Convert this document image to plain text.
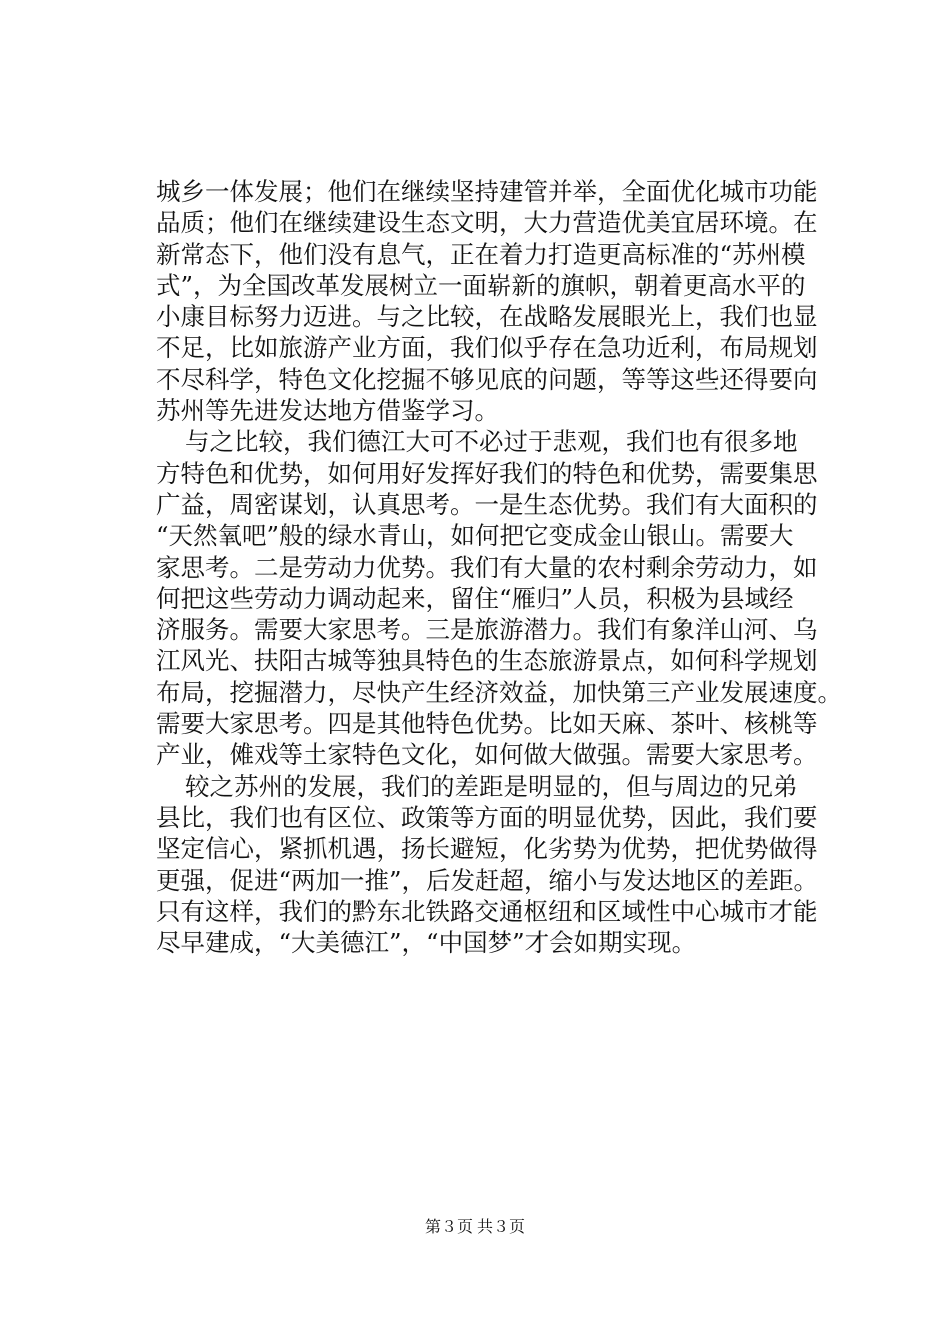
城乡一体发展；他们在继续坚持建管并举，全面优化城市功能
品质；他们在继续建设生态文明，大力营造优美宜居环境。在
新常态下，他们没有息气，正在着力打造更高标准的“苏州模
式”，为全国改革发展树立一面崭新的旗帜，朝着更高水平的
小康目标努力迈进。与之比较，在战略发展眼光上，我们也显
不足，比如旅游产业方面，我们似乎存在急功近利，布局规划
不尽科学，特色文化挖掘不够见底的问题，等等这些还得要向
苏州等先进发达地方借鉴学习。
与之比较，我们德江大可不必过于悲观，我们也有很多地
方特色和优势，如何用好发挥好我们的特色和优势，需要集思
广益，周密谋划，认真思考。一是生态优势。我们有大面积的
“天然氧吧”般的绿水青山，如何把它变成金山银山。需要大
家思考。二是劳动力优势。我们有大量的农村剩余劳动力，如
何把这些劳动力调动起来，留住“雁归”人员，积极为县域经
济服务。需要大家思考。三是旅游潜力。我们有象洋山河、乌
江风光、扶阳古城等独具特色的生态旅游景点，如何科学规划
布局，挖掘潜力，尽快产生经济效益，加快第三产业发展速度。
需要大家思考。四是其他特色优势。比如天麻、茶叶、核桃等
产业，傩戏等土家特色文化，如何做大做强。需要大家思考。
较之苏州的发展，我们的差距是明显的，但与周边的兄弟
县比，我们也有区位、政策等方面的明显优势，因此，我们要
坚定信心，紧抓机遇，扬长避短，化劣势为优势，把优势做得
更强，促进“两加一推”，后发赶超，缩小与发达地区的差距。
只有这样，我们的黔东北铁路交通枢纽和区域性中心城市才能
尽早建成，“大美德江”，“中国梦”才会如期实现。
第３页 共３页
